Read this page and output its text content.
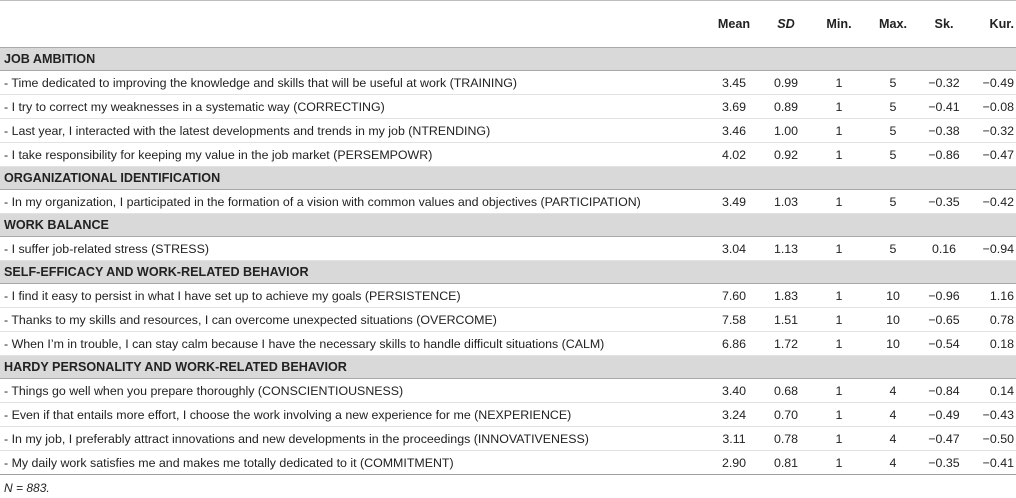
	Mean	SD	Min.	Max.	Sk.	Kur.
JOB AMBITION						
- Time dedicated to improving the knowledge and skills that will be useful at work (TRAINING)	3.45	0.99	1	5	−0.32	−0.49
- I try to correct my weaknesses in a systematic way (CORRECTING)	3.69	0.89	1	5	−0.41	−0.08
- Last year, I interacted with the latest developments and trends in my job (NTRENDING)	3.46	1.00	1	5	−0.38	−0.32
- I take responsibility for keeping my value in the job market (PERSEMPOWR)	4.02	0.92	1	5	−0.86	−0.47
ORGANIZATIONAL IDENTIFICATION						
- In my organization, I participated in the formation of a vision with common values and objectives (PARTICIPATION)	3.49	1.03	1	5	−0.35	−0.42
WORK BALANCE						
- I suffer job-related stress (STRESS)	3.04	1.13	1	5	0.16	−0.94
SELF-EFFICACY AND WORK-RELATED BEHAVIOR						
- I find it easy to persist in what I have set up to achieve my goals (PERSISTENCE)	7.60	1.83	1	10	−0.96	1.16
- Thanks to my skills and resources, I can overcome unexpected situations (OVERCOME)	7.58	1.51	1	10	−0.65	0.78
- When I’m in trouble, I can stay calm because I have the necessary skills to handle difficult situations (CALM)	6.86	1.72	1	10	−0.54	0.18
HARDY PERSONALITY AND WORK-RELATED BEHAVIOR						
- Things go well when you prepare thoroughly (CONSCIENTIOUSNESS)	3.40	0.68	1	4	−0.84	0.14
- Even if that entails more effort, I choose the work involving a new experience for me (NEXPERIENCE)	3.24	0.70	1	4	−0.49	−0.43
- In my job, I preferably attract innovations and new developments in the proceedings (INNOVATIVENESS)	3.11	0.78	1	4	−0.47	−0.50
- My daily work satisfies me and makes me totally dedicated to it (COMMITMENT)	2.90	0.81	1	4	−0.35	−0.41
N = 883.
